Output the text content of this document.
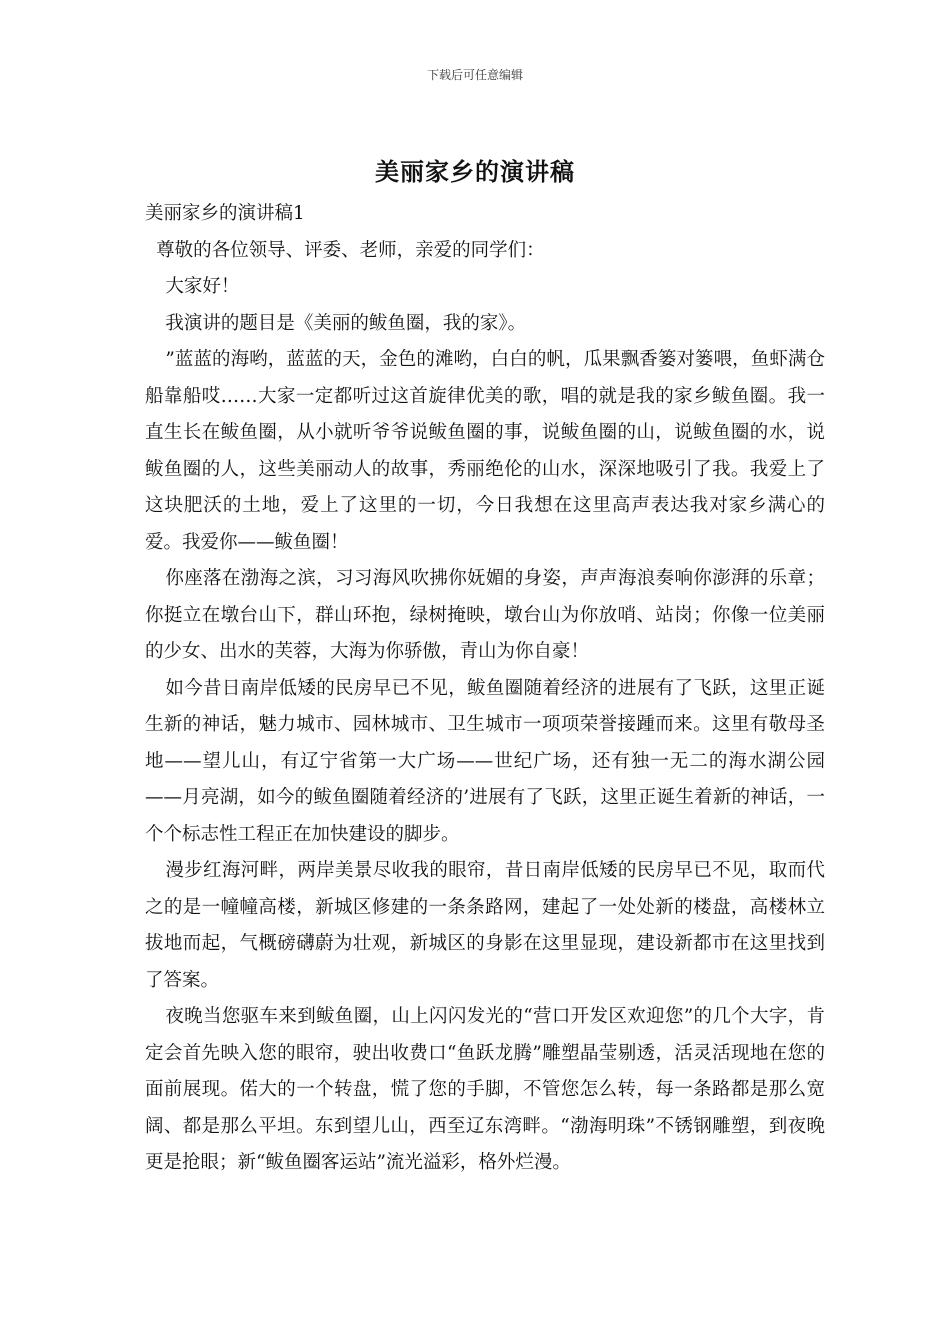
下载后可任意编辑
美丽家乡的演讲稿

美丽家乡的演讲稿1

尊敬的各位领导、评委、老师，亲爱的同学们：

大家好！

我演讲的题目是《美丽的鲅鱼圈，我的家》。

”蓝蓝的海哟，蓝蓝的天，金色的滩哟，白白的帆，瓜果飘香篓对篓喂，鱼虾满仓船靠船哎……大家一定都听过这首旋律优美的歌，唱的就是我的家乡鲅鱼圈。我一直生长在鲅鱼圈，从小就听爷爷说鲅鱼圈的事，说鲅鱼圈的山，说鲅鱼圈的水，说鲅鱼圈的人，这些美丽动人的故事，秀丽绝伦的山水，深深地吸引了我。我爱上了这块肥沃的土地，爱上了这里的一切，今日我想在这里高声表达我对家乡满心的爱。我爱你——鲅鱼圈！

你座落在渤海之滨，习习海风吹拂你妩媚的身姿，声声海浪奏响你澎湃的乐章；你挺立在墩台山下，群山环抱，绿树掩映，墩台山为你放哨、站岗；你像一位美丽的少女、出水的芙蓉，大海为你骄傲，青山为你自豪！

如今昔日南岸低矮的民房早已不见，鲅鱼圈随着经济的进展有了飞跃，这里正诞生新的神话，魅力城市、园林城市、卫生城市一项项荣誉接踵而来。这里有敬母圣地——望儿山，有辽宁省第一大广场——世纪广场，还有独一无二的海水湖公园——月亮湖，如今的鲅鱼圈随着经济的’进展有了飞跃，这里正诞生着新的神话，一个个标志性工程正在加快建设的脚步。

漫步红海河畔，两岸美景尽收我的眼帘，昔日南岸低矮的民房早已不见，取而代之的是一幢幢高楼，新城区修建的一条条路网，建起了一处处新的楼盘，高楼林立拔地而起，气概磅礴蔚为壮观，新城区的身影在这里显现，建设新都市在这里找到了答案。

夜晚当您驱车来到鲅鱼圈，山上闪闪发光的“营口开发区欢迎您”的几个大字，肯定会首先映入您的眼帘，驶出收费口“鱼跃龙腾”雕塑晶莹剔透，活灵活现地在您的面前展现。偌大的一个转盘，慌了您的手脚，不管您怎么转，每一条路都是那么宽阔、都是那么平坦。东到望儿山，西至辽东湾畔。“渤海明珠”不锈钢雕塑，到夜晚更是抢眼；新“鲅鱼圈客运站”流光溢彩，格外烂漫。
